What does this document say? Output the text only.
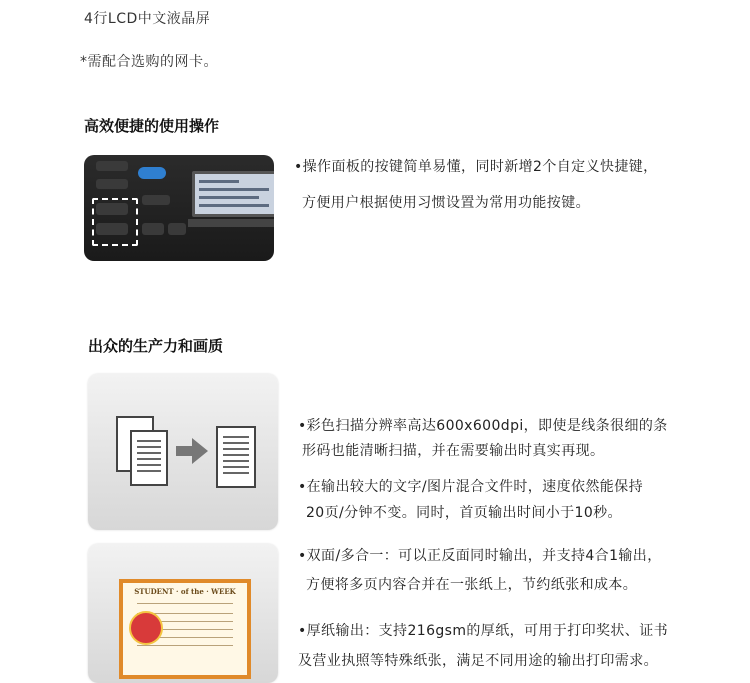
4行LCD中文液晶屏
*需配合选购的网卡。
高效便捷的使用操作
•操作面板的按键简单易懂，同时新增2个自定义快捷键，
方便用户根据使用习惯设置为常用功能按键。
出众的生产力和画质
STUDENT · of the · WEEK
•彩色扫描分辨率高达600x600dpi，即使是线条很细的条
形码也能清晰扫描，并在需要输出时真实再现。
•在输出较大的文字/图片混合文件时，速度依然能保持
20页/分钟不变。同时，首页输出时间小于10秒。
•双面/多合一：可以正反面同时输出，并支持4合1输出，
方便将多页内容合并在一张纸上，节约纸张和成本。
•厚纸输出：支持216gsm的厚纸，可用于打印奖状、证书
及营业执照等特殊纸张，满足不同用途的输出打印需求。
